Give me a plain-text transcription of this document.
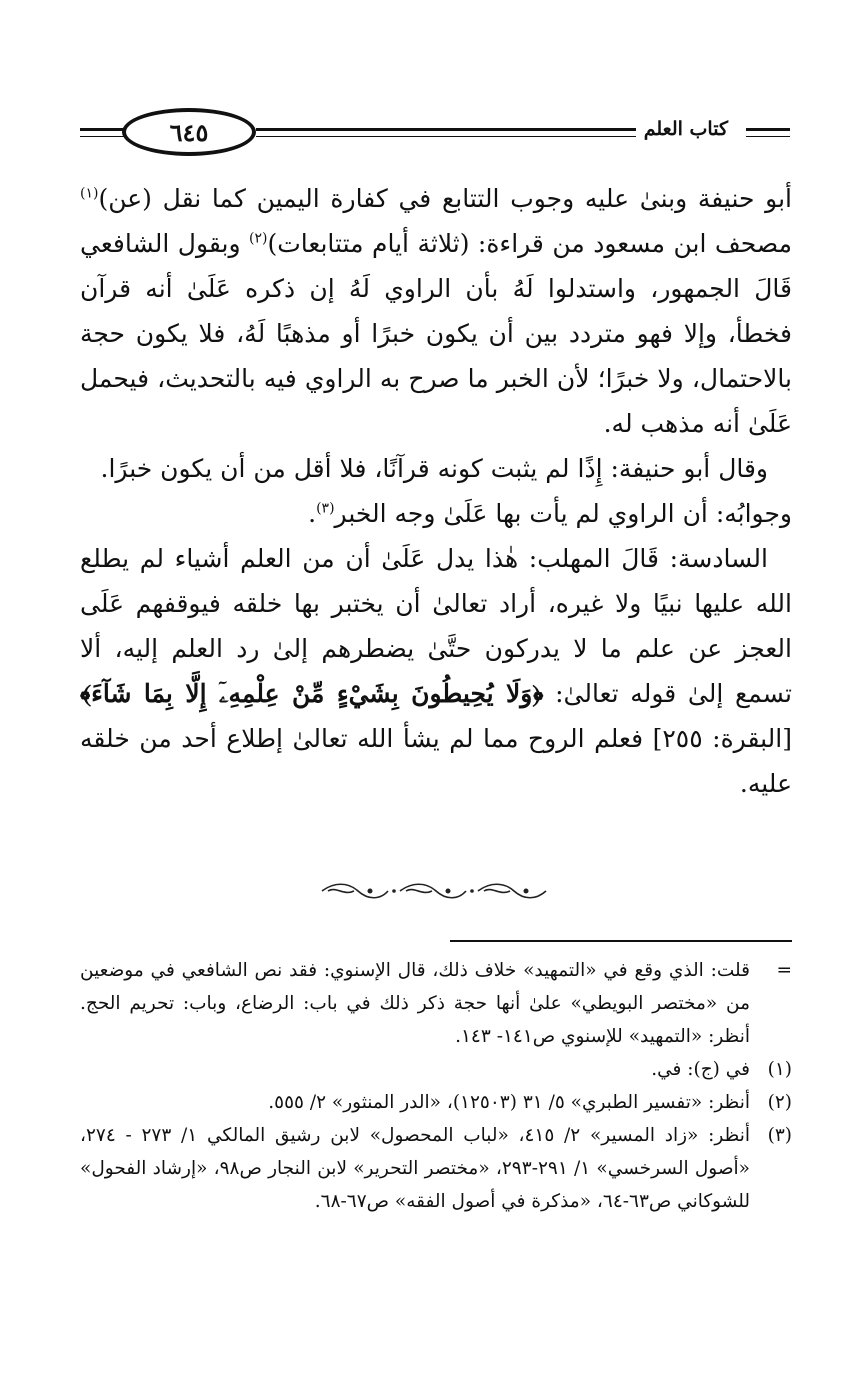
٦٤٥	كتاب العلم

أبو حنيفة وبنىٰ عليه وجوب التتابع في كفارة اليمين كما نقل (عن)$^{(١)}$ مصحف ابن مسعود من قراءة: (ثلاثة أيام متتابعات)$^{(٢)}$ وبقول الشافعي قَالَ الجمهور، واستدلوا لَهُ بأن الراوي لَهُ إن ذكره عَلَىٰ أنه قرآن فخطأ، وإلا فهو متردد بين أن يكون خبرًا أو مذهبًا لَهُ، فلا يكون حجة بالاحتمال، ولا خبرًا؛ لأن الخبر ما صرح به الراوي فيه بالتحديث، فيحمل عَلَىٰ أنه مذهب له.

وقال أبو حنيفة: إِذًا لم يثبت كونه قرآنًا، فلا أقل من أن يكون خبرًا.

وجوابُه: أن الراوي لم يأت بها عَلَىٰ وجه الخبر$^{(٣)}$.

السادسة: قَالَ المهلب: هٰذا يدل عَلَىٰ أن من العلم أشياء لم يطلع الله عليها نبيًا ولا غيره، أراد تعالىٰ أن يختبر بها خلقه فيوقفهم عَلَى العجز عن علم ما لا يدركون حتَّىٰ يضطرهم إلىٰ رد العلم إليه، ألا تسمع إلىٰ قوله تعالىٰ: ﴿وَلَا يُحِيطُونَ بِشَيْءٍ مِّنْ عِلْمِهِۦٓ إِلَّا بِمَا شَآءَ﴾ [البقرة: ٢٥٥] فعلم الروح مما لم يشأ الله تعالىٰ إطلاع أحد من خلقه عليه.

=
قلت: الذي وقع في «التمهيد» خلاف ذلك، قال الإسنوي: فقد نص الشافعي في موضعين من «مختصر البويطي» علىٰ أنها حجة ذكر ذلك في باب: الرضاع، وباب: تحريم الحج. أنظر: «التمهيد» للإسنوي ص١٤١- ١٤٣.
(١)
في (ج): في.
(٢)
أنظر: «تفسير الطبري» ٥/ ٣١ (١٢٥٠٣)، «الدر المنثور» ٢/ ٥٥٥.
(٣)
أنظر: «زاد المسير» ٢/ ٤١٥، «لباب المحصول» لابن رشيق المالكي ١/ ٢٧٣ - ٢٧٤، «أصول السرخسي» ١/ ٢٩١-٢٩٣، «مختصر التحرير» لابن النجار ص٩٨، «إرشاد الفحول» للشوكاني ص٦٣-٦٤، «مذكرة في أصول الفقه» ص٦٧-٦٨.
